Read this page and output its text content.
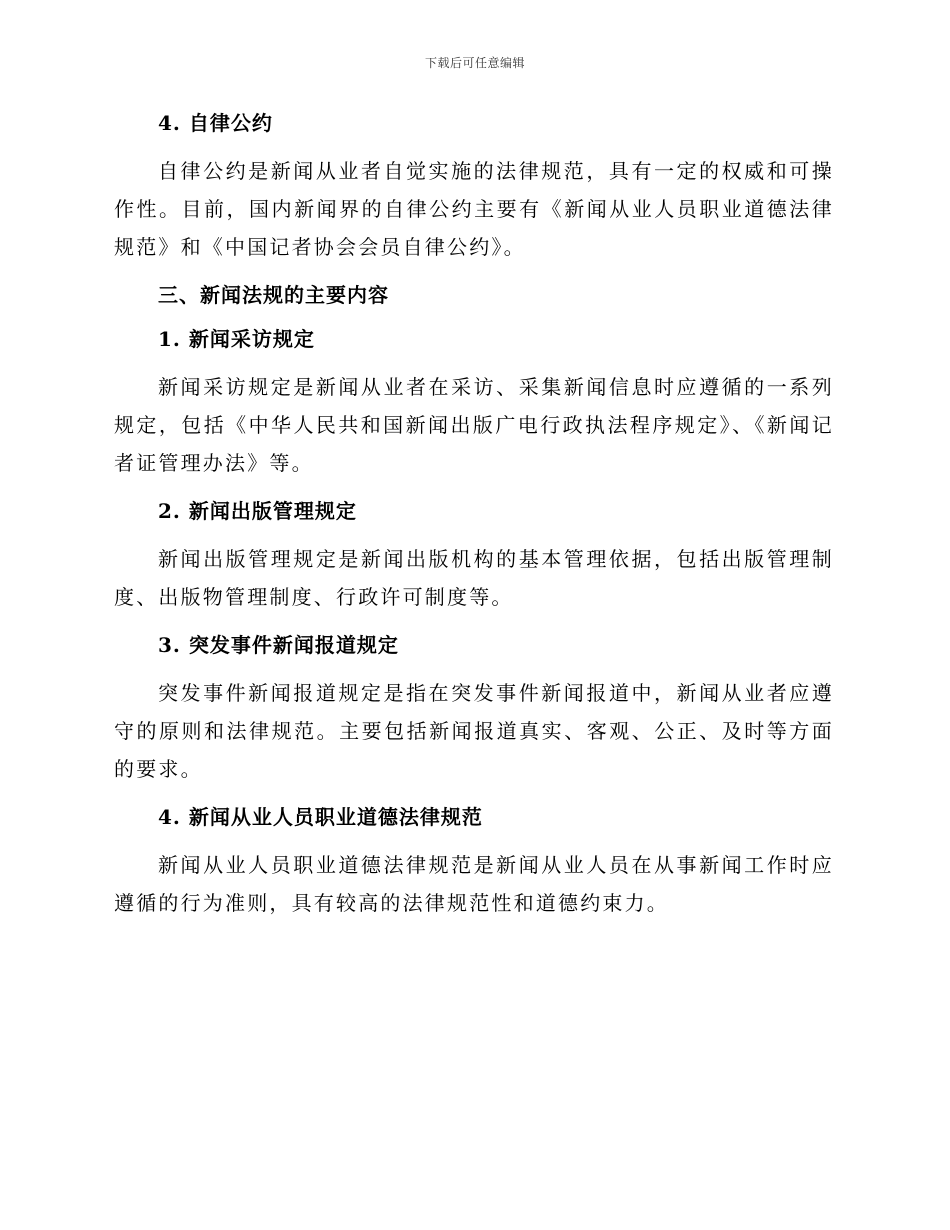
下载后可任意编辑
4. 自律公约

自律公约是新闻从业者自觉实施的法律规范，具有一定的权威和可操作性。目前，国内新闻界的自律公约主要有《新闻从业人员职业道德法律规范》和《中国记者协会会员自律公约》。

三、新闻法规的主要内容
1. 新闻采访规定

新闻采访规定是新闻从业者在采访、采集新闻信息时应遵循的一系列规定，包括《中华人民共和国新闻出版广电行政执法程序规定》、《新闻记者证管理办法》等。

2. 新闻出版管理规定

新闻出版管理规定是新闻出版机构的基本管理依据，包括出版管理制度、出版物管理制度、行政许可制度等。

3. 突发事件新闻报道规定

突发事件新闻报道规定是指在突发事件新闻报道中，新闻从业者应遵守的原则和法律规范。主要包括新闻报道真实、客观、公正、及时等方面的要求。

4. 新闻从业人员职业道德法律规范

新闻从业人员职业道德法律规范是新闻从业人员在从事新闻工作时应遵循的行为准则，具有较高的法律规范性和道德约束力。
